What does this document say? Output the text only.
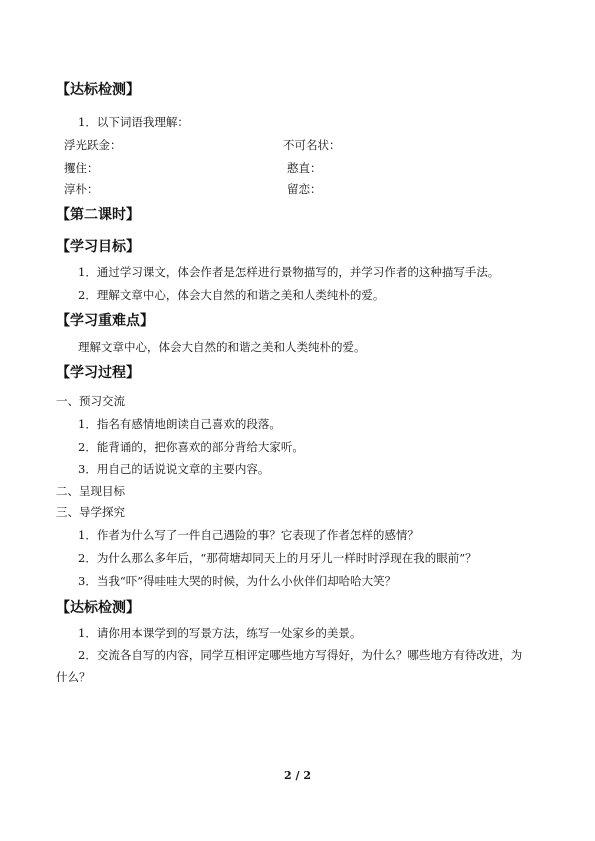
【达标检测】
1．以下词语我理解：
浮光跃金：	不可名状：
攫住：	憨直：
淳朴：	留恋：
【第二课时】
【学习目标】
1．通过学习课文，体会作者是怎样进行景物描写的，并学习作者的这种描写手法。
2．理解文章中心，体会大自然的和谐之美和人类纯朴的爱。
【学习重难点】
理解文章中心，体会大自然的和谐之美和人类纯朴的爱。
【学习过程】
一、预习交流
1．指名有感情地朗读自己喜欢的段落。
2．能背诵的，把你喜欢的部分背给大家听。
3．用自己的话说说文章的主要内容。
二、呈现目标
三、导学探究
1．作者为什么写了一件自己遇险的事？它表现了作者怎样的感情？
2．为什么那么多年后，“那荷塘却同天上的月牙儿一样时时浮现在我的眼前”？
3．当我“吓”得哇哇大哭的时候，为什么小伙伴们却哈哈大笑？
【达标检测】
1．请你用本课学到的写景方法，练写一处家乡的美景。
2．交流各自写的内容，同学互相评定哪些地方写得好，为什么？哪些地方有待改进，为
什么？
2 / 2
